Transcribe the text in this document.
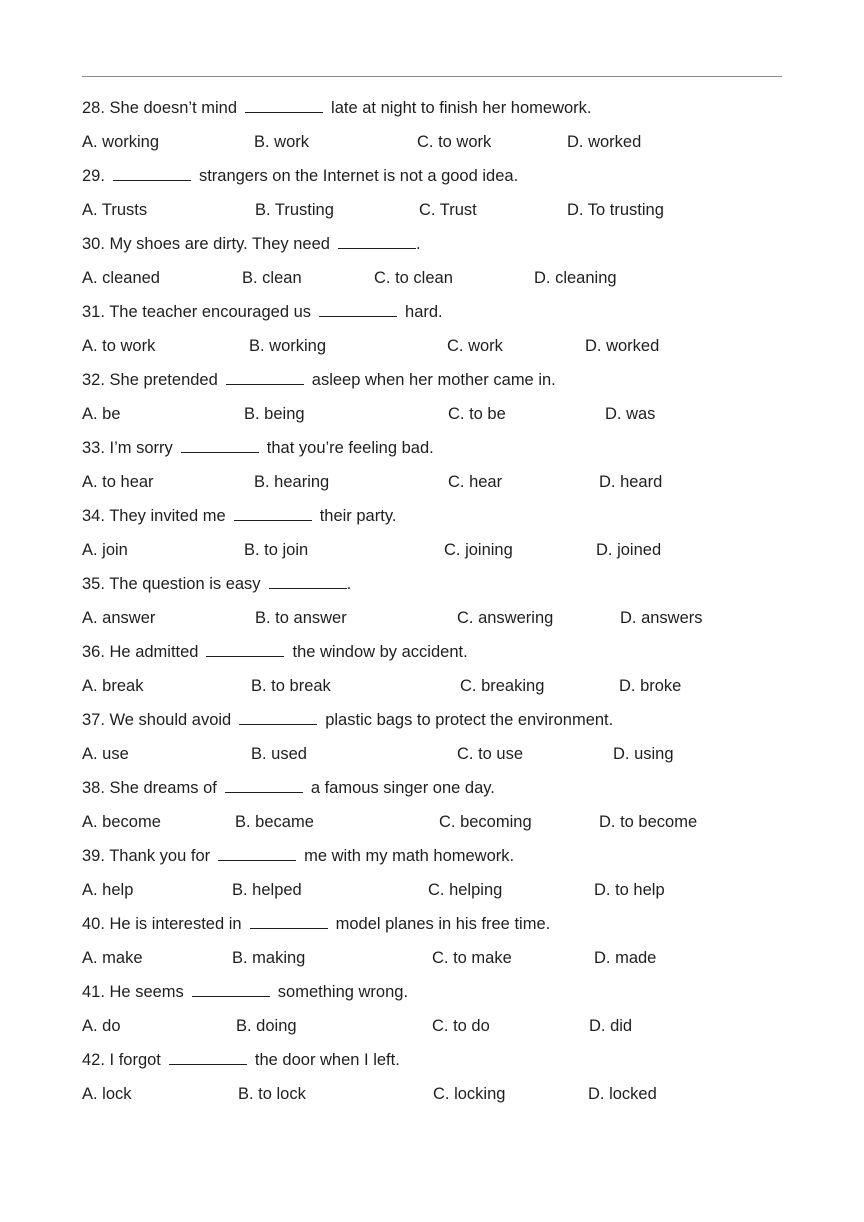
28. She doesn’t mind	late at night to finish her homework.
A. working	B. work	C. to work	D. worked
29.	strangers on the Internet is not a good idea.
A. Trusts	B. Trusting	C. Trust	D. To trusting
30. My shoes are dirty. They need	.
A. cleaned	B. clean	C. to clean	D. cleaning
31. The teacher encouraged us	hard.
A. to work	B. working	C. work	D. worked
32. She pretended	asleep when her mother came in.
A. be	B. being	C. to be	D. was
33. I’m sorry	that you’re feeling bad.
A. to hear	B. hearing	C. hear	D. heard
34. They invited me	their party.
A. join	B. to join	C. joining	D. joined
35. The question is easy	.
A. answer	B. to answer	C. answering	D. answers
36. He admitted	the window by accident.
A. break	B. to break	C. breaking	D. broke
37. We should avoid	plastic bags to protect the environment.
A. use	B. used	C. to use	D. using
38. She dreams of	a famous singer one day.
A. become	B. became	C. becoming	D. to become
39. Thank you for	me with my math homework.
A. help	B. helped	C. helping	D. to help
40. He is interested in	model planes in his free time.
A. make	B. making	C. to make	D. made
41. He seems	something wrong.
A. do	B. doing	C. to do	D. did
42. I forgot	the door when I left.
A. lock	B. to lock	C. locking	D. locked
